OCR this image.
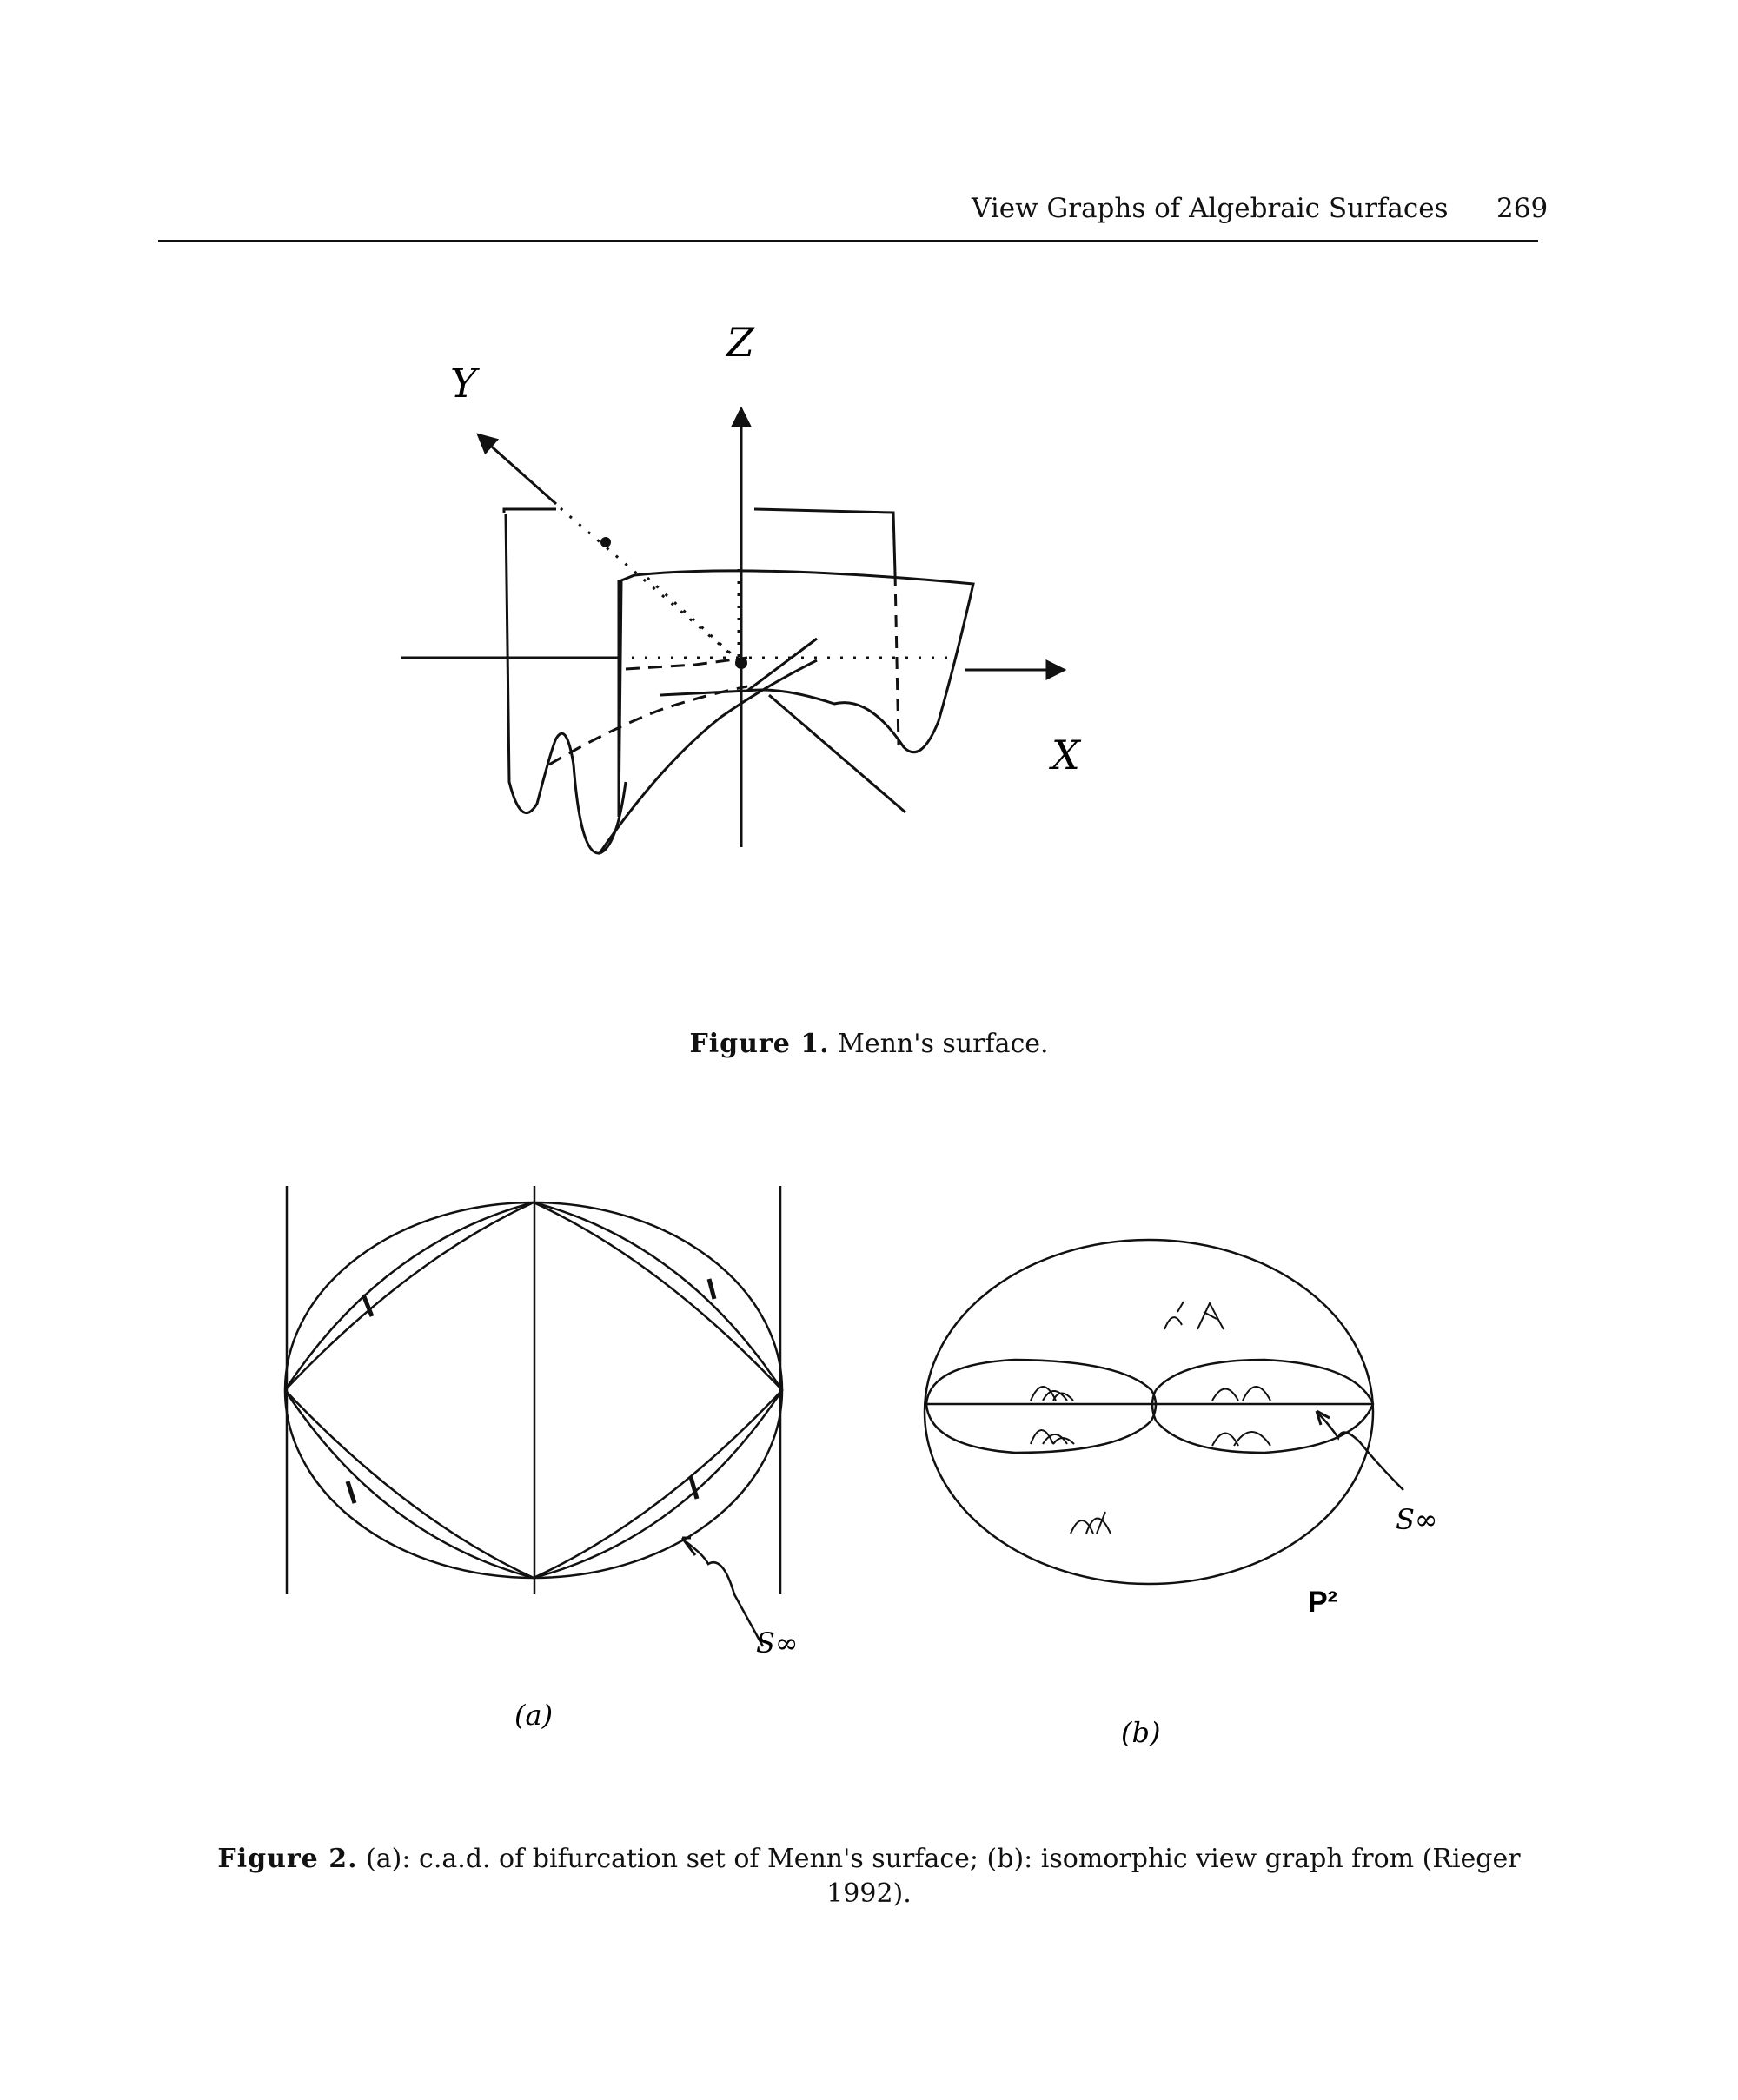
View Graphs of Algebraic Surfaces 269
Z
Y
X
S∞
(a)
S∞
P²
(b)
Figure 1. Menn's surface.
Figure 2. (a): c.a.d. of bifurcation set of Menn's surface; (b): isomorphic view graph from (Rieger 1992).
